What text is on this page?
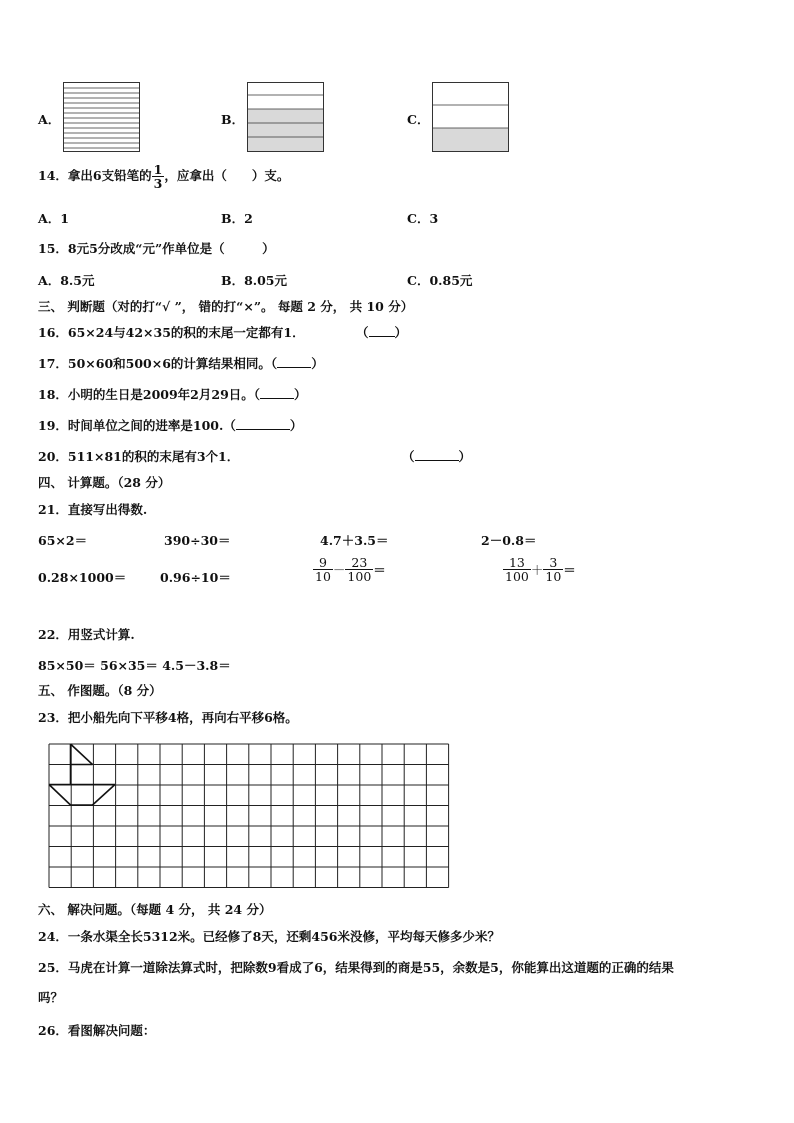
A．	B．	C．
14．拿出6支铅笔的 $\frac{1}{3}$ ，应拿出（　　）支。
A．1	B．2	C．3
15．8元5分改成“元”作单位是（　　　）
A．8.5元	B．8.05元	C．0.85元
三、 判断题（对的打“√ ”， 错的打“×”。 每题 2 分， 共 10 分）
16．65×24与42×35的积的末尾一定都有1．	（ ）
17．50×60和500×6的计算结果相同。（	）
18．小明的生日是2009年2月29日。（	）
19．时间单位之间的进率是100.（	）
20．511×81的积的末尾有3个1．	（	）
四、 计算题。（28 分）
21．直接写出得数.
65×2＝	390÷30＝	4.7＋3.5＝	2－0.8＝
0.28×1000＝	0.96÷10＝	$\frac{9}{10} - \frac{23}{100}$ ＝	$\frac{13}{100} + \frac{3}{10}$ ＝
22．用竖式计算.
85×50＝ 56×35＝ 4.5－3.8＝
五、 作图题。（8 分）
23．把小船先向下平移4格，再向右平移6格。
六、 解决问题。（每题 4 分， 共 24 分）
24．一条水渠全长5312米。已经修了8天，还剩456米没修，平均每天修多少米？
25．马虎在计算一道除法算式时，把除数9看成了6，结果得到的商是55，余数是5，你能算出这道题的正确的结果
吗？
26．看图解决问题：
